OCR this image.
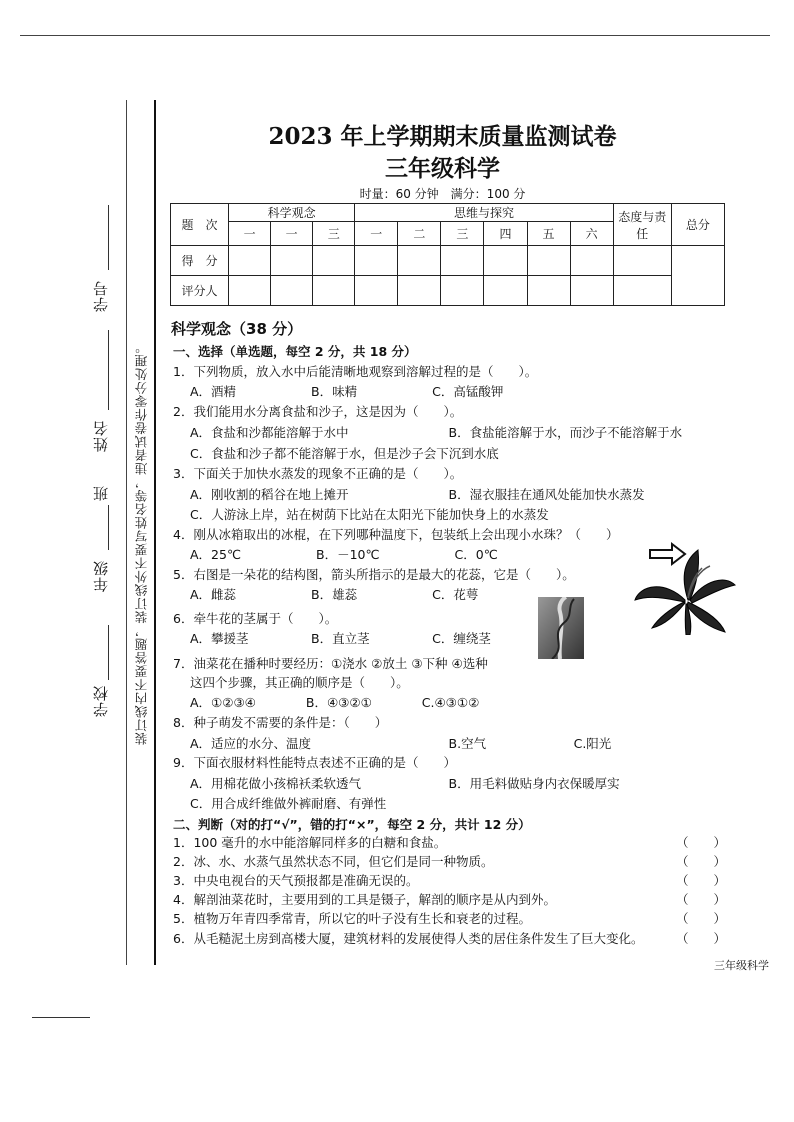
装订线内不要答题，装订线外不要写姓名等，违者试卷作零分处理。
学校
年级
班
姓名
学号
2023 年上学期期末质量监测试卷
三年级科学
时量：60 分钟　满分：100 分
题　次	科学观念			思维与探究						态度与责任	总分
	一	一	三	一	二	三	四	五	六		
得　分											
评分人											
科学观念（38 分）
一、选择（单选题，每空 2 分，共 18 分）
1．下列物质，放入水中后能清晰地观察到溶解过程的是（　　）。
A．酒精　　　　　　B．味精　　　　　　C．高锰酸钾
2．我们能用水分离食盐和沙子，这是因为（　　）。
A．食盐和沙都能溶解于水中　　　　　　　　B．食盐能溶解于水，而沙子不能溶解于水
C．食盐和沙子都不能溶解于水，但是沙子会下沉到水底
3．下面关于加快水蒸发的现象不正确的是（　　）。
A．刚收割的稻谷在地上摊开　　　　　　　　B．湿衣服挂在通风处能加快水蒸发
C．人游泳上岸，站在树荫下比站在太阳光下能加快身上的水蒸发
4．刚从冰箱取出的冰棍，在下列哪种温度下，包装纸上会出现小水珠？（　　）
A．25℃　　　　　　B．－10℃　　　　　　C．0℃
5．右图是一朵花的结构图，箭头所指示的是最大的花蕊，它是（　　）。
A．雌蕊　　　　　　B．雄蕊　　　　　　C．花萼
6．牵牛花的茎属于（　　）。
A．攀援茎　　　　　B．直立茎　　　　　C．缠绕茎
7．油菜花在播种时要经历：①浇水 ②放土 ③下种 ④选种
这四个步骤，其正确的顺序是（　　）。
A．①②③④　　　　B．④③②①　　　　C.④③①②
8．种子萌发不需要的条件是：（　　）
A．适应的水分、温度　　　　　　　　　　　B.空气　　　　　　　C.阳光
9．下面衣服材料性能特点表述不正确的是（　　）
A．用棉花做小孩棉袄柔软透气　　　　　　　B．用毛料做贴身内衣保暖厚实
C．用合成纤维做外裤耐磨、有弹性
二、判断（对的打“√”，错的打“×”，每空 2 分，共计 12 分）
1．100 毫升的水中能溶解同样多的白糖和食盐。	（　　）
2．冰、水、水蒸气虽然状态不同，但它们是同一种物质。	（　　）
3．中央电视台的天气预报都是准确无误的。	（　　）
4．解剖油菜花时，主要用到的工具是镊子，解剖的顺序是从内到外。	（　　）
5．植物万年青四季常青，所以它的叶子没有生长和衰老的过程。	（　　）
6．从毛糙泥土房到高楼大厦，建筑材料的发展使得人类的居住条件发生了巨大变化。	（　　）
三年级科学
